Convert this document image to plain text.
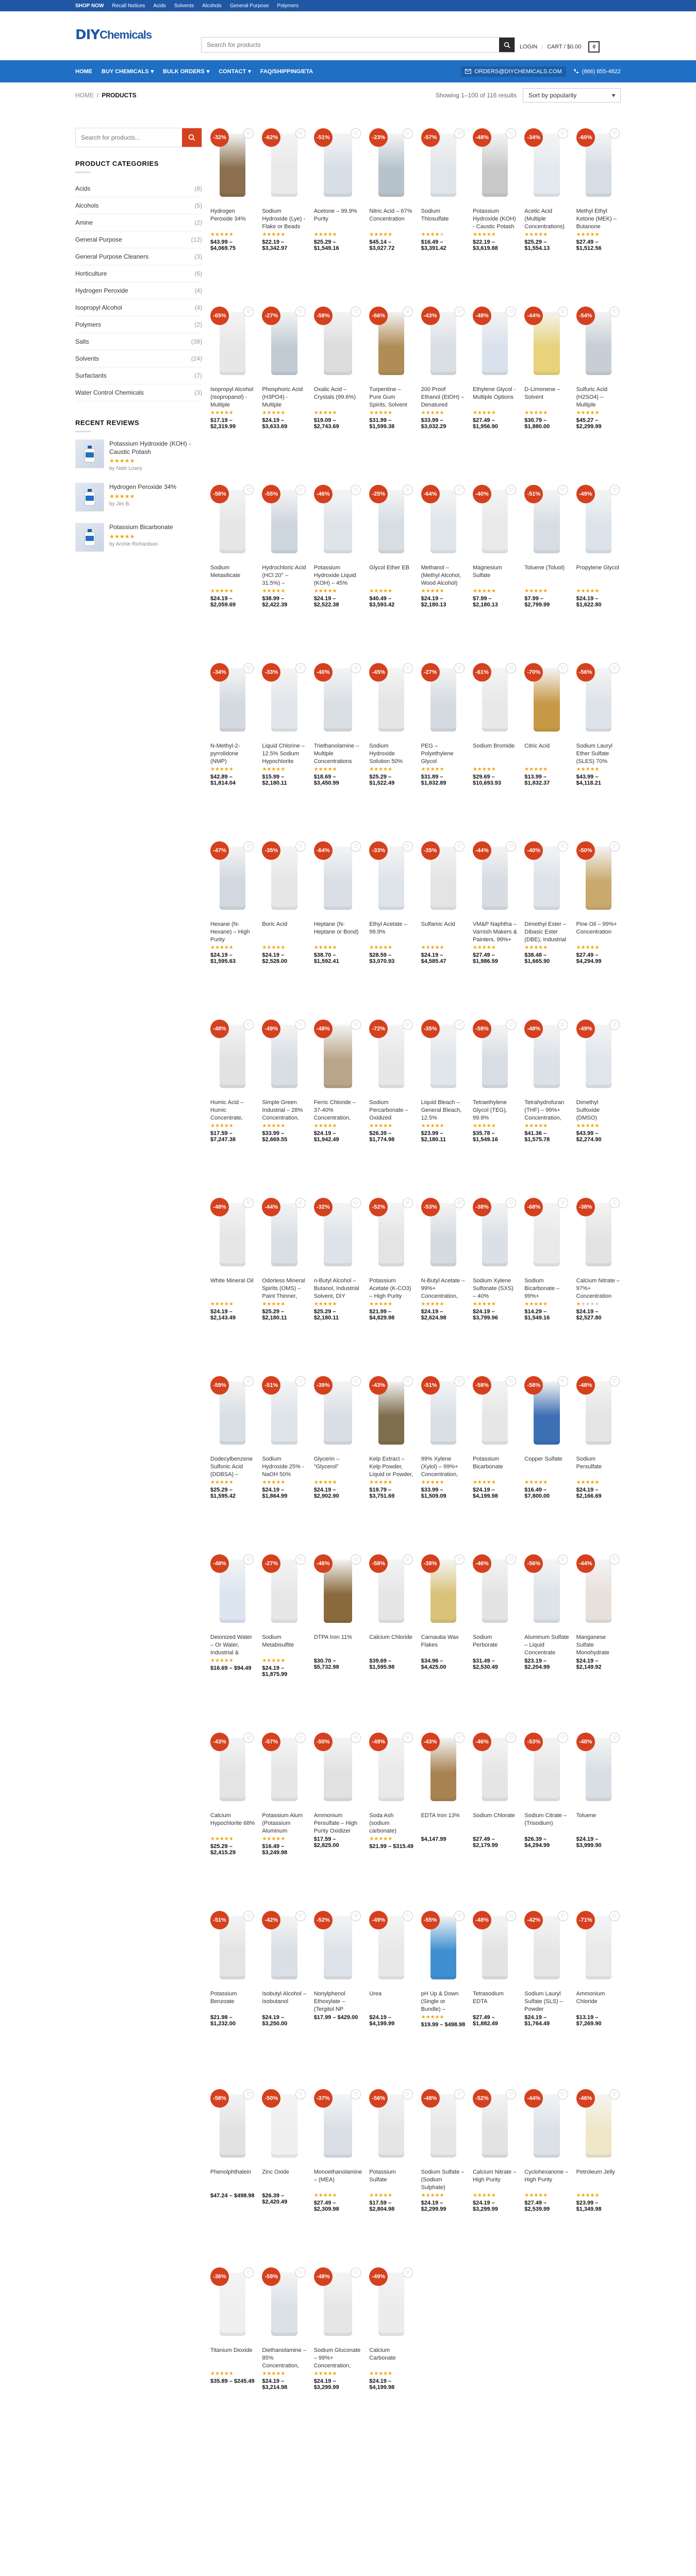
SHOP NOW Recall Notices Acids Solvents Alcohols General Purpose Polymers
DIY Chemicals
Search for products
LOGIN | CART / $0.00	0
HOME BUY CHEMICALS ▾ BULK ORDERS ▾ CONTACT ▾ FAQ/SHIPPING/ETA	ORDERS@DIYCHEMICALS.COM	(866) 855-4822
HOME / PRODUCTS	Showing 1–100 of 116 results Sort by popularity	▾
Search for products...
PRODUCT CATEGORIES
Acids	(8)
Alcohols	(5)
Amine	(2)
General Purpose	(12)
General Purpose Cleaners	(3)
Horticulture	(6)
Hydrogen Peroxide	(4)
Isopropyl Alcohol	(4)
Polymers	(2)
Salts	(38)
Solvents	(24)
Surfactants	(7)
Water Control Chemicals	(3)
RECENT REVIEWS
Potassium Hydroxide (KOH) - Caustic Potash
★★★★★
by Nate Lowry
Hydrogen Peroxide 34%
★★★★★
by Jim B.
Potassium Bicarbonate
★★★★★
by Archie Richardson
-32%
♡
Hydrogen Peroxide 34%
★★★★★
$43.99 – $4,069.75
-62%
♡
Sodium Hydroxide (Lye) - Flake or Beads
★★★★★
$22.19 – $3,342.97
-51%
♡
Acetone – 99.9% Purity
★★★★★
$25.29 – $1,549.16
-23%
♡
Nitric Acid – 67% Concentration
★★★★★
$45.14 – $3,027.72
-57%
♡
Sodium Thiosulfate
★★★★★
$16.49 – $3,391.42
-48%
♡
Potassium Hydroxide (KOH) - Caustic Potash
★★★★★
$22.19 – $3,619.88
-34%
♡
Acetic Acid (Multiple Concentrations)
★★★★★
$25.29 – $1,554.13
-60%
♡
Methyl Ethyl Ketone (MEK) – Butanone
★★★★★
$27.49 – $1,512.56
-65%
♡
Isopropyl Alcohol (Isopropanol) - Multiple
★★★★★
$17.19 – $2,319.99
-27%
♡
Phosphoric Acid (H3PO4) - Multiple
★★★★★
$24.19 – $3,633.69
-58%
♡
Oxalic Acid – Crystals (99.6%)
★★★★★
$19.09 – $2,743.69
-66%
♡
Turpentine – Pure Gum Spirits, Solvent
★★★★★
$31.99 – $1,599.38
-43%
♡
200 Proof Ethanol (EtOH) – Denatured
★★★★★
$33.99 – $3,032.29
-48%
♡
Ethylene Glycol - Multiple Options
★★★★★
$27.49 – $1,956.90
-44%
♡
D-Limonene – Solvent
★★★★★
$30.79 – $1,880.00
-54%
♡
Sulfuric Acid (H2SO4) – Multiple
★★★★★
$45.27 – $2,299.99
-58%
♡
Sodium Metasilicate
★★★★★
$24.19 – $2,059.69
-55%
♡
Hydrochloric Acid (HCl 20° – 31.5%) –
★★★★★
$38.99 – $2,422.39
-46%
♡
Potassium Hydroxide Liquid (KOH) – 45%
★★★★★
$24.19 – $2,522.38
-25%
♡
Glycol Ether EB
★★★★★
$40.49 – $3,593.42
-64%
♡
Methanol – (Methyl Alcohol, Wood Alcohol)
★★★★★
$24.19 – $2,180.13
-40%
♡
Magnesium Sulfate
★★★★★
$7.99 – $2,180.13
-51%
♡
Toluene (Toluol)
★★★★★
$7.99 – $2,799.99
-49%
♡
Propylene Glycol
★★★★★
$24.19 – $1,622.80
-34%
♡
N-Methyl-2-pyrrolidone (NMP)
★★★★★
$42.89 – $1,814.04
-33%
♡
Liquid Chlorine – 12.5% Sodium Hypochlorite
★★★★★
$15.99 – $2,180.11
-40%
♡
Triethanolamine – Multiple Concentrations
★★★★★
$18.69 – $3,450.99
-45%
♡
Sodium Hydroxide Solution 50%
★★★★★
$25.29 – $1,522.49
-27%
♡
PEG – Polyethylene Glycol
★★★★★
$31.89 – $1,832.89
-61%
♡
Sodium Bromide
★★★★★
$29.69 – $10,693.93
-70%
♡
Citric Acid
★★★★★
$13.99 – $1,832.37
-56%
♡
Sodium Lauryl Ether Sulfate (SLES) 70%
★★★★★
$43.99 – $4,118.21
-47%
♡
Hexane (N-Hexane) – High Purity
★★★★★
$24.19 – $1,595.63
-35%
♡
Boric Acid
★★★★★
$24.19 – $2,528.00
-64%
♡
Heptane (N-Heptane or Bond)
★★★★★
$38.70 – $1,592.41
-33%
♡
Ethyl Acetate – 99.9%
★★★★★
$28.59 – $3,070.93
-35%
♡
Sulfamic Acid
★★★★★
$24.19 – $4,585.47
-44%
♡
VM&P Naphtha – Varnish Makers & Painters, 99%+
★★★★★
$27.49 – $1,986.59
-40%
♡
Dimethyl Ester – Dibasic Ester (DBE), Industrial
★★★★★
$38.48 – $1,665.90
-50%
♡
Pine Oil – 99%+ Concentration
★★★★★
$27.49 – $4,294.99
-48%
♡
Humic Acid – Humic Concentrate,
★★★★★
$17.59 – $7,247.38
-49%
♡
Simple Green Industrial – 28% Concentration,
★★★★★
$33.99 – $2,669.55
-48%
♡
Ferric Chloride – 37-40% Concentration,
★★★★★
$24.19 – $1,942.49
-72%
♡
Sodium Percarbonate – Oxidized
★★★★★
$26.39 – $1,774.98
-35%
♡
Liquid Bleach – General Bleach, 12.5%
★★★★★
$23.99 – $2,180.11
-58%
♡
Tetraethylene Glycol (TEG), 99.9%
★★★★★
$35.78 – $1,549.16
-48%
♡
Tetrahydrofuran (THF) – 99%+ Concentration,
★★★★★
$41.36 – $1,575.78
-49%
♡
Dimethyl Sulfoxide (DMSO)
★★★★★
$43.99 – $2,274.90
-48%
♡
White Mineral Oil
★★★★★
$24.19 – $2,143.49
-44%
♡
Odorless Mineral Spirits (OMS) – Paint Thinner,
★★★★★
$25.29 – $2,180.11
-32%
♡
n-Butyl Alcohol – Butanol, Industrial Solvent, DIY
★★★★★
$25.29 – $2,180.11
-52%
♡
Potassium Acetate (K-CO3) – High Purity
★★★★★
$21.99 – $4,829.98
-53%
♡
N-Butyl Acetate – 99%+ Concentration,
★★★★★
$24.19 – $2,624.98
-38%
♡
Sodium Xylene Sulfonate (SXS) – 40%
★★★★★
$24.19 – $3,799.96
-68%
♡
Sodium Bicarbonate – 99%+
★★★★★
$14.29 – $1,549.16
-38%
♡
Calcium Nitrate – 97%+ Concentration
★★★★★
$24.19 – $2,527.80
-59%
♡
Dodecylbenzene Sulfonic Acid (DDBSA) –
★★★★★
$25.29 – $1,595.42
-51%
♡
Sodium Hydroxide 25% - NaOH 50%
★★★★★
$24.19 – $1,864.99
-39%
♡
Glycerin – "Glycerol"
★★★★★
$24.19 – $2,902.90
-43%
♡
Kelp Extract – Kelp Powder, Liquid or Powder,
★★★★★
$19.79 – $3,751.69
-51%
♡
99% Xylene (Xylol) – 99%+ Concentration,
★★★★★
$33.99 – $1,509.09
-58%
♡
Potassium Bicarbonate
★★★★★
$24.19 – $4,199.98
-58%
♡
Copper Sulfate
★★★★★
$16.49 – $7,800.00
-48%
♡
Sodium Persulfate
★★★★★
$24.19 – $2,166.69
-48%
♡
Deionized Water – Or Water, Industrial &
★★★★★
$16.69 – $94.49
-27%
♡
Sodium Metabisulfite
★★★★★
$24.19 – $1,875.99
-46%
♡
DTPA Iron 11%
$30.70 – $5,732.98
-58%
♡
Calcium Chloride
$39.69 – $1,595.98
-38%
♡
Carnauba Wax Flakes
$34.96 – $4,425.00
-46%
♡
Sodium Perborate
$31.49 – $2,530.49
-56%
♡
Aluminum Sulfate – Liquid Concentrate
$23.19 – $2,204.99
-44%
♡
Manganese Sulfate Monohydrate
$24.19 – $2,149.92
-43%
♡
Calcium Hypochlorite 68%
★★★★★
$25.29 – $2,415.29
-57%
♡
Potassium Alum (Potassium Aluminum
★★★★★
$16.49 – $3,249.98
-50%
♡
Ammonium Persulfate – High Purity Oxidizer
$17.59 – $2,825.00
-49%
♡
Soda Ash (sodium carbonate)
★★★★★
$21.99 – $315.49
-43%
♡
EDTA Iron 13%
$4,147.99
-46%
♡
Sodium Chlorate
$27.49 – $2,179.99
-53%
♡
Sodium Citrate – (Trisodium)
$26.39 – $4,294.99
-48%
♡
Toluene
$24.19 – $3,999.90
-51%
♡
Potassium Benzoate
$21.98 – $1,232.00
-42%
♡
Isobutyl Alcohol – Isobutanol
$24.19 – $3,250.00
-52%
♡
Nonylphenol Ethoxylate – (Tergitol NP
$17.99 – $429.00
-49%
♡
Urea
$24.19 – $4,199.99
-55%
♡
pH Up & Down (Single or Bundle) –
★★★★★
$19.99 – $498.98
-48%
♡
Tetrasodium EDTA
$27.49 – $1,882.49
-42%
♡
Sodium Lauryl Sulfate (SLS) – Powder
$24.19 – $1,764.49
-71%
♡
Ammonium Chloride
$13.19 – $7,269.90
-58%
♡
Phenolphthalein
$47.24 – $498.98
-50%
♡
Zinc Oxide
$26.39 – $2,420.49
-37%
♡
Monoethanolamine – (MEA)
★★★★★
$27.49 – $2,309.98
-56%
♡
Potassium Sulfate
★★★★★
$17.59 – $2,804.98
-48%
♡
Sodium Sulfate – (Sodium Sulphate)
★★★★★
$24.19 – $2,299.99
-52%
♡
Calcium Nitrate – High Purity
★★★★★
$24.19 – $3,299.99
-44%
♡
Cyclohexanone – High Purity
★★★★★
$27.49 – $2,539.99
-46%
♡
Petroleum Jelly
★★★★★
$23.99 – $1,349.98
-36%
♡
Titanium Dioxide
★★★★★
$35.89 – $245.49
-59%
♡
Diethanolamine – 85% Concentration,
★★★★★
$24.19 – $3,214.98
-48%
♡
Sodium Gluconate – 99%+ Concentration,
★★★★★
$24.19 – $3,299.99
-49%
♡
Calcium Carbonate
★★★★★
$24.19 – $4,199.98
